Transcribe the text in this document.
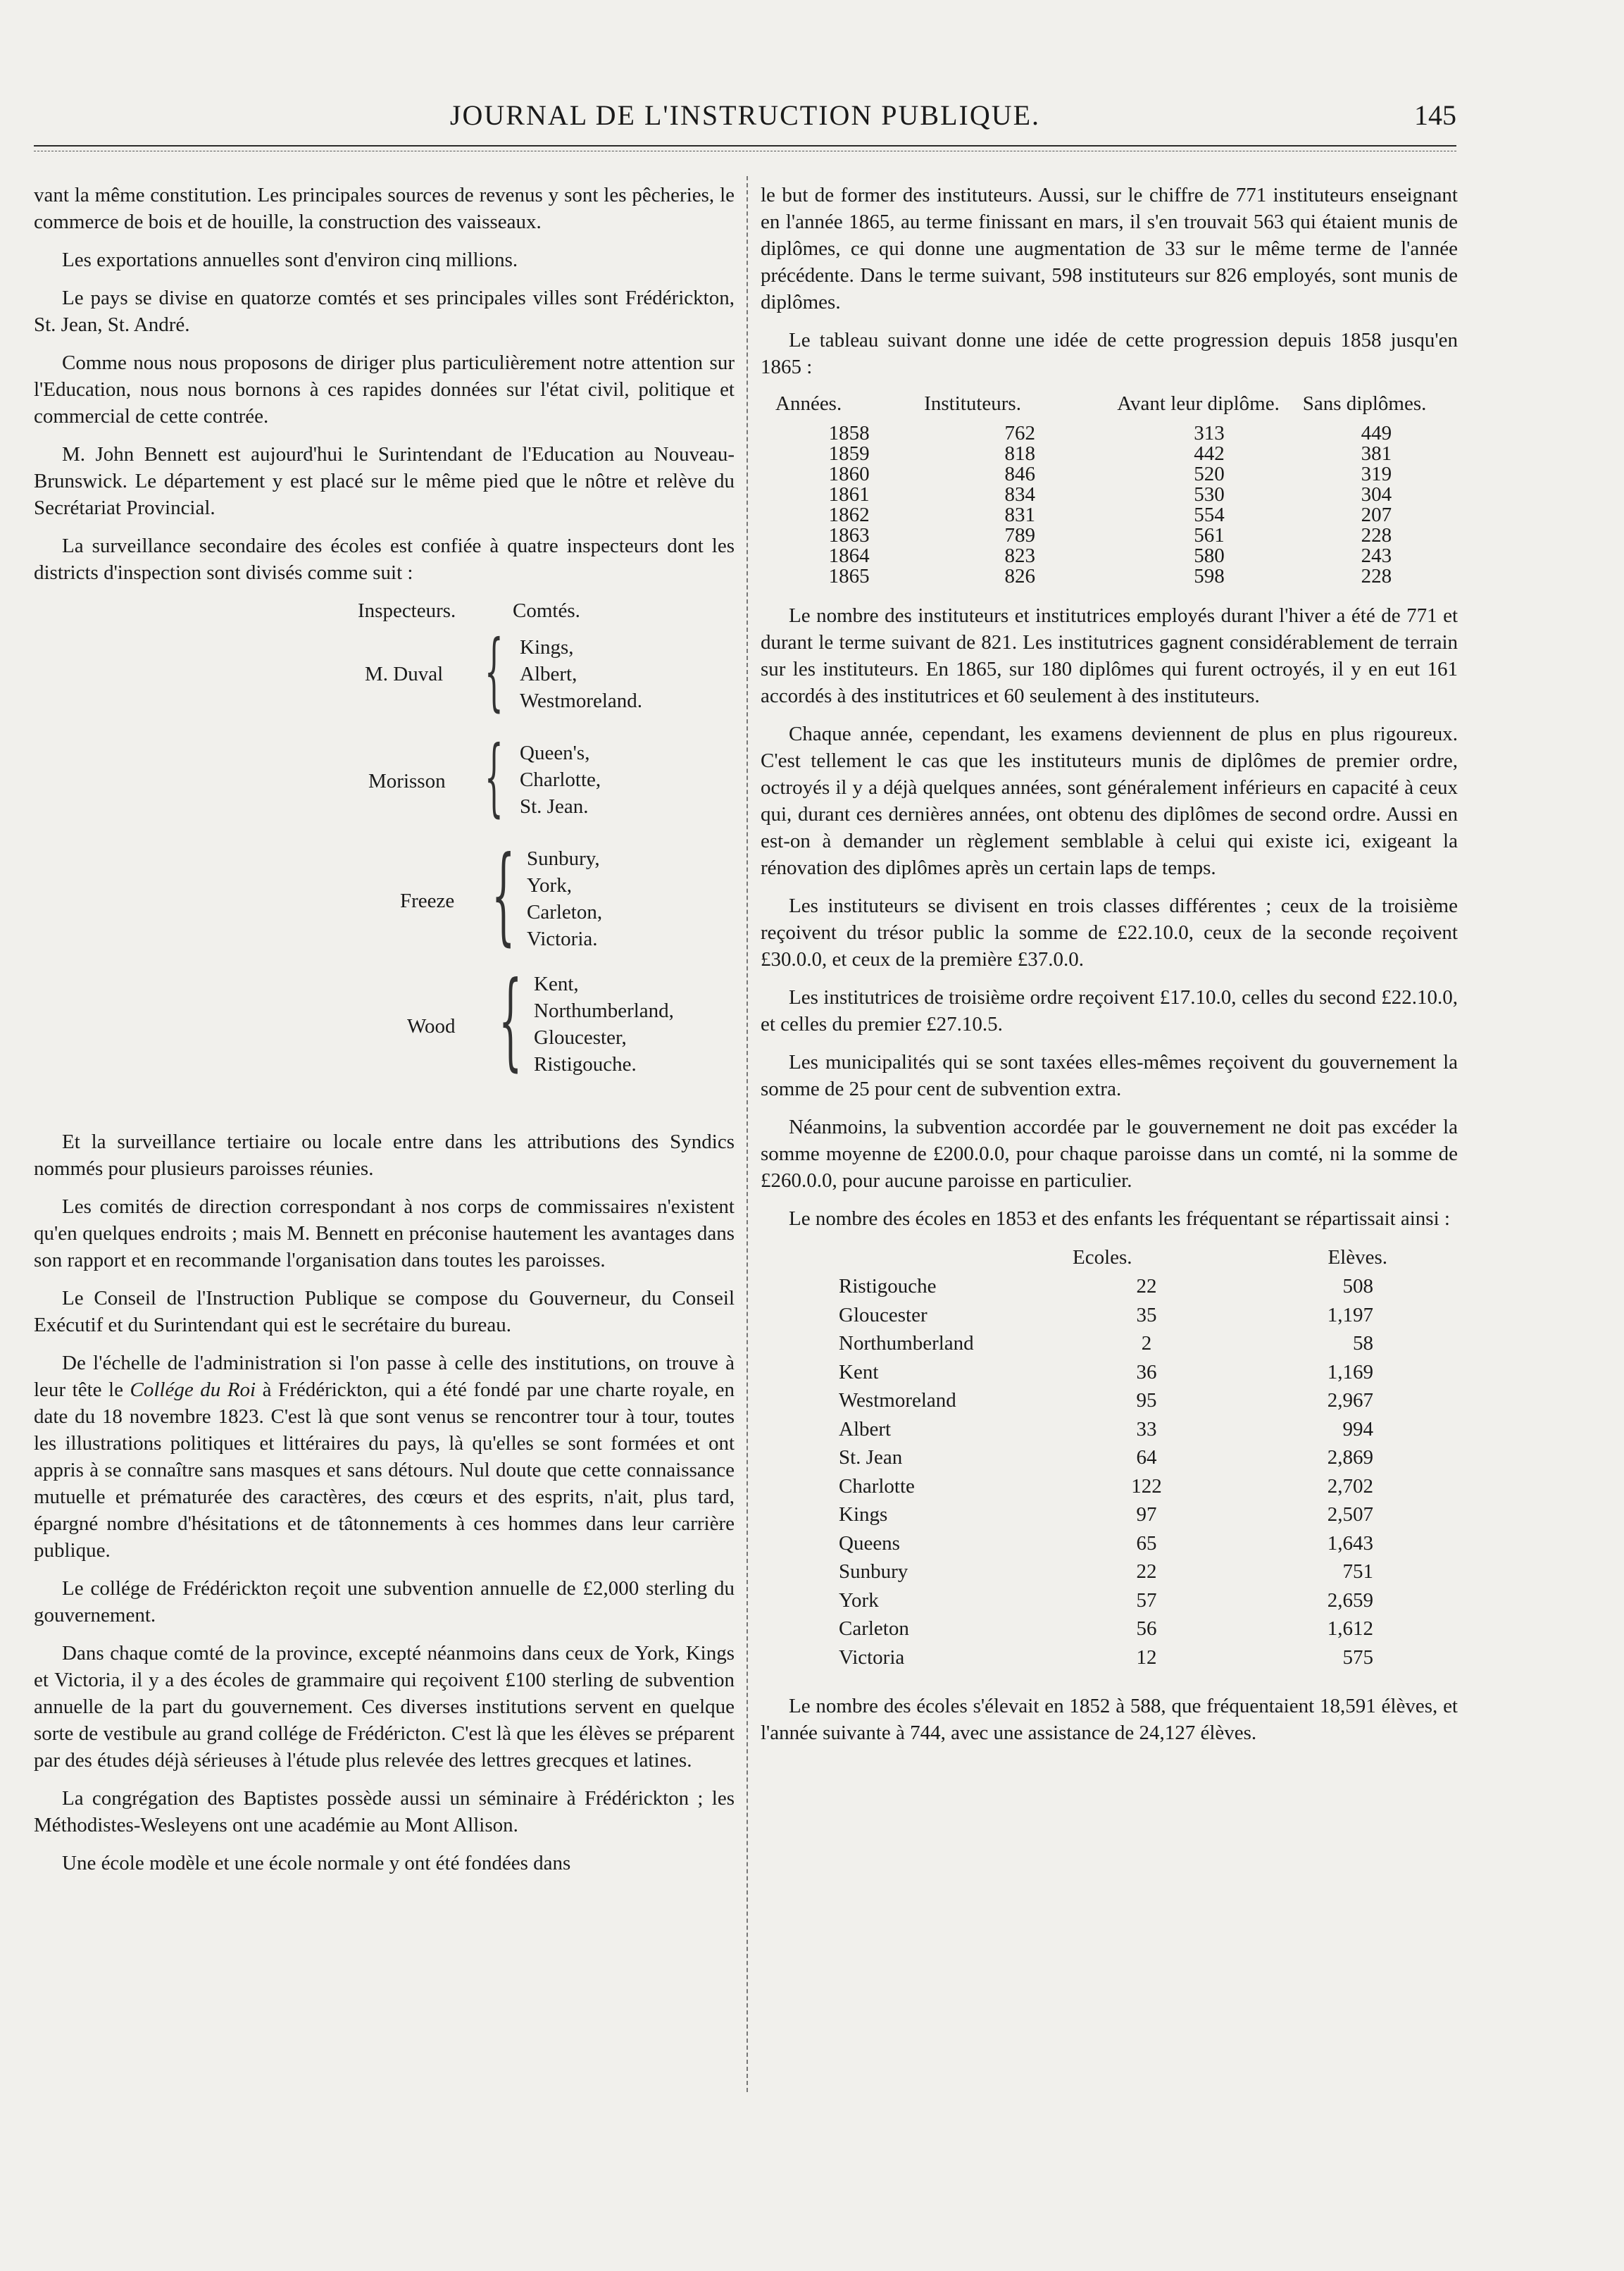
JOURNAL DE L'INSTRUCTION PUBLIQUE.	145

vant la même constitution. Les principales sources de revenus y sont les pêcheries, le commerce de bois et de houille, la construction des vaisseaux.

Les exportations annuelles sont d'environ cinq millions.

Le pays se divise en quatorze comtés et ses principales villes sont Frédérickton, St. Jean, St. André.

Comme nous nous proposons de diriger plus particulièrement notre attention sur l'Education, nous nous bornons à ces rapides données sur l'état civil, politique et commercial de cette contrée.

M. John Bennett est aujourd'hui le Surintendant de l'Education au Nouveau-Brunswick. Le département y est placé sur le même pied que le nôtre et relève du Secrétariat Provincial.

La surveillance secondaire des écoles est confiée à quatre inspecteurs dont les districts d'inspection sont divisés comme suit :

Inspecteurs.	Comtés.
M. Duval { Kings,
Albert,
Westmoreland.
Morisson { Queen's,
Charlotte,
St. Jean.
Freeze { Sunbury,
York,
Carleton,
Victoria.
Wood { Kent,
Northumberland,
Gloucester,
Ristigouche.

Et la surveillance tertiaire ou locale entre dans les attributions des Syndics nommés pour plusieurs paroisses réunies.

Les comités de direction correspondant à nos corps de commissaires n'existent qu'en quelques endroits ; mais M. Bennett en préconise hautement les avantages dans son rapport et en recommande l'organisation dans toutes les paroisses.

Le Conseil de l'Instruction Publique se compose du Gouverneur, du Conseil Exécutif et du Surintendant qui est le secrétaire du bureau.

De l'échelle de l'administration si l'on passe à celle des institutions, on trouve à leur tête le Collége du Roi à Frédérickton, qui a été fondé par une charte royale, en date du 18 novembre 1823. C'est là que sont venus se rencontrer tour à tour, toutes les illustrations politiques et littéraires du pays, là qu'elles se sont formées et ont appris à se connaître sans masques et sans détours. Nul doute que cette connaissance mutuelle et prématurée des caractères, des cœurs et des esprits, n'ait, plus tard, épargné nombre d'hésitations et de tâtonnements à ces hommes dans leur carrière publique.

Le collége de Frédérickton reçoit une subvention annuelle de £2,000 sterling du gouvernement.

Dans chaque comté de la province, excepté néanmoins dans ceux de York, Kings et Victoria, il y a des écoles de grammaire qui reçoivent £100 sterling de subvention annuelle de la part du gouvernement. Ces diverses institutions servent en quelque sorte de vestibule au grand collége de Frédéricton. C'est là que les élèves se préparent par des études déjà sérieuses à l'étude plus relevée des lettres grecques et latines.

La congrégation des Baptistes possède aussi un séminaire à Frédérickton ; les Méthodistes-Wesleyens ont une académie au Mont Allison.

Une école modèle et une école normale y ont été fondées dans

le but de former des instituteurs. Aussi, sur le chiffre de 771 instituteurs enseignant en l'année 1865, au terme finissant en mars, il s'en trouvait 563 qui étaient munis de diplômes, ce qui donne une augmentation de 33 sur le même terme de l'année précédente. Dans le terme suivant, 598 instituteurs sur 826 employés, sont munis de diplômes.

Le tableau suivant donne une idée de cette progression depuis 1858 jusqu'en 1865 :

Années.	Instituteurs.	Avant leur diplôme.	Sans diplômes.
1858	762	313	449
1859	818	442	381
1860	846	520	319
1861	834	530	304
1862	831	554	207
1863	789	561	228
1864	823	580	243
1865	826	598	228

Le nombre des instituteurs et institutrices employés durant l'hiver a été de 771 et durant le terme suivant de 821. Les institutrices gagnent considérablement de terrain sur les instituteurs. En 1865, sur 180 diplômes qui furent octroyés, il y en eut 161 accordés à des institutrices et 60 seulement à des instituteurs.

Chaque année, cependant, les examens deviennent de plus en plus rigoureux. C'est tellement le cas que les instituteurs munis de diplômes de premier ordre, octroyés il y a déjà quelques années, sont généralement inférieurs en capacité à ceux qui, durant ces dernières années, ont obtenu des diplômes de second ordre. Aussi en est-on à demander un règlement semblable à celui qui existe ici, exigeant la rénovation des diplômes après un certain laps de temps.

Les instituteurs se divisent en trois classes différentes ; ceux de la troisième reçoivent du trésor public la somme de £22.10.0, ceux de la seconde reçoivent £30.0.0, et ceux de la première £37.0.0.

Les institutrices de troisième ordre reçoivent £17.10.0, celles du second £22.10.0, et celles du premier £27.10.5.

Les municipalités qui se sont taxées elles-mêmes reçoivent du gouvernement la somme de 25 pour cent de subvention extra.

Néanmoins, la subvention accordée par le gouvernement ne doit pas excéder la somme moyenne de £200.0.0, pour chaque paroisse dans un comté, ni la somme de £260.0.0, pour aucune paroisse en particulier.

Le nombre des écoles en 1853 et des enfants les fréquentant se répartissait ainsi :

	Ecoles.	Elèves.
Ristigouche	22	508
Gloucester	35	1,197
Northumberland	2	58
Kent	36	1,169
Westmoreland	95	2,967
Albert	33	994
St. Jean	64	2,869
Charlotte	122	2,702
Kings	97	2,507
Queens	65	1,643
Sunbury	22	751
York	57	2,659
Carleton	56	1,612
Victoria	12	575

Le nombre des écoles s'élevait en 1852 à 588, que fréquentaient 18,591 élèves, et l'année suivante à 744, avec une assistance de 24,127 élèves.
